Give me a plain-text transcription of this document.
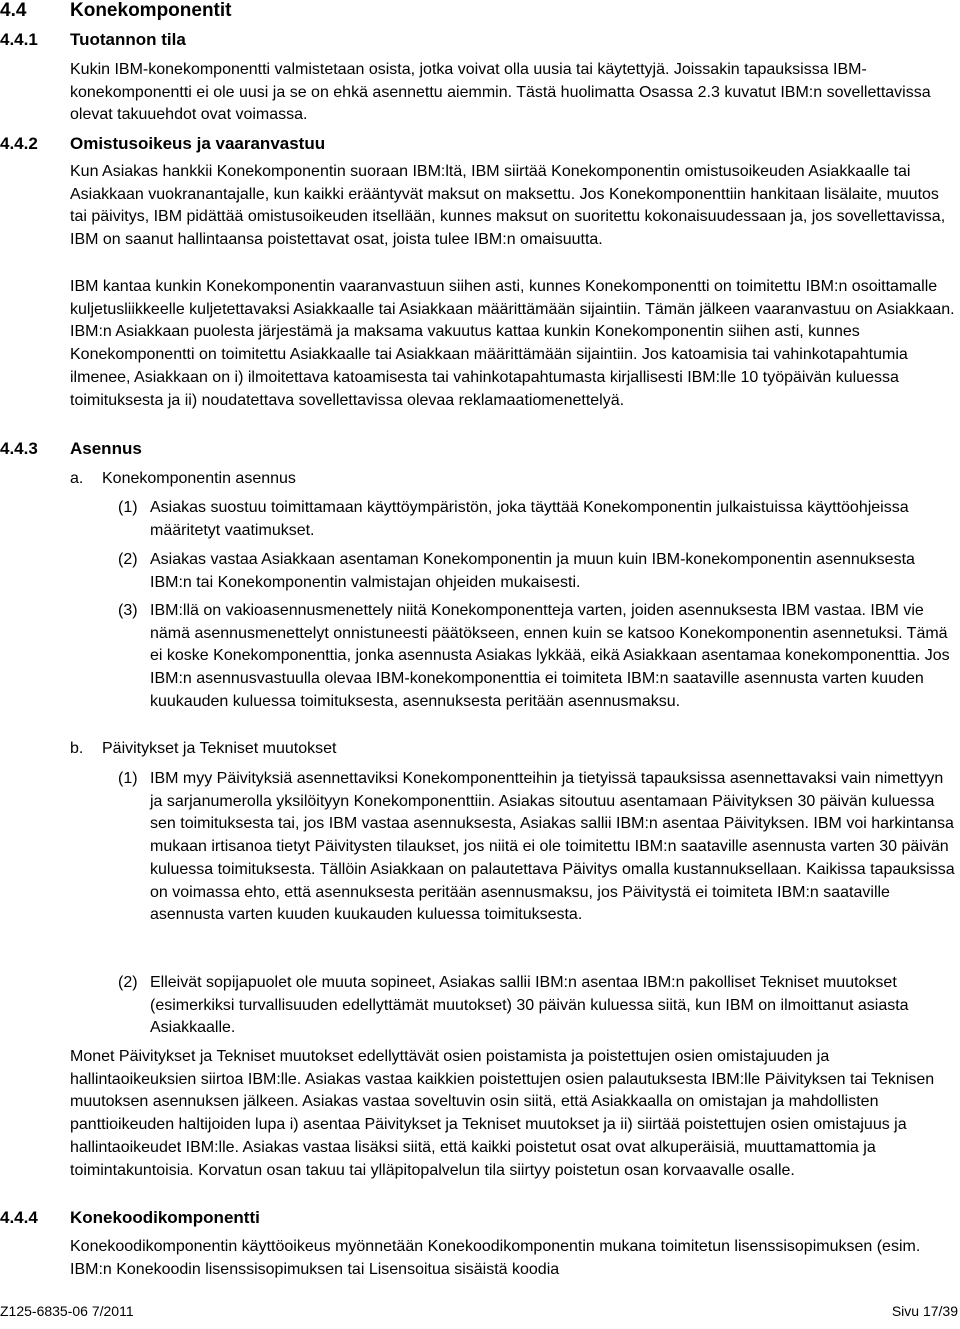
4.4 Konekomponentit
4.4.1 Tuotannon tila

Kukin IBM-konekomponentti valmistetaan osista, jotka voivat olla uusia tai käytettyjä. Joissakin tapauksissa IBM-konekomponentti ei ole uusi ja se on ehkä asennettu aiemmin. Tästä huolimatta Osassa 2.3 kuvatut IBM:n sovellettavissa olevat takuuehdot ovat voimassa.

4.4.2 Omistusoikeus ja vaaranvastuu

Kun Asiakas hankkii Konekomponentin suoraan IBM:ltä, IBM siirtää Konekomponentin omistusoikeuden Asiakkaalle tai Asiakkaan vuokranantajalle, kun kaikki erääntyvät maksut on maksettu. Jos Konekomponenttiin hankitaan lisälaite, muutos tai päivitys, IBM pidättää omistusoikeuden itsellään, kunnes maksut on suoritettu kokonaisuudessaan ja, jos sovellettavissa, IBM on saanut hallintaansa poistettavat osat, joista tulee IBM:n omaisuutta.

IBM kantaa kunkin Konekomponentin vaaranvastuun siihen asti, kunnes Konekomponentti on toimitettu IBM:n osoittamalle kuljetusliikkeelle kuljetettavaksi Asiakkaalle tai Asiakkaan määrittämään sijaintiin. Tämän jälkeen vaaranvastuu on Asiakkaan. IBM:n Asiakkaan puolesta järjestämä ja maksama vakuutus kattaa kunkin Konekomponentin siihen asti, kunnes Konekomponentti on toimitettu Asiakkaalle tai Asiakkaan määrittämään sijaintiin. Jos katoamisia tai vahinkotapahtumia ilmenee, Asiakkaan on i) ilmoitettava katoamisesta tai vahinkotapahtumasta kirjallisesti IBM:lle 10 työpäivän kuluessa toimituksesta ja ii) noudatettava sovellettavissa olevaa reklamaatiomenettelyä.

4.4.3 Asennus
a. Konekomponentin asennus
(1) Asiakas suostuu toimittamaan käyttöympäristön, joka täyttää Konekomponentin julkaistuissa käyttöohjeissa määritetyt vaatimukset.

(2) Asiakas vastaa Asiakkaan asentaman Konekomponentin ja muun kuin IBM-konekomponentin asennuksesta IBM:n tai Konekomponentin valmistajan ohjeiden mukaisesti.

(3) IBM:llä on vakioasennusmenettely niitä Konekomponentteja varten, joiden asennuksesta IBM vastaa. IBM vie nämä asennusmenettelyt onnistuneesti päätökseen, ennen kuin se katsoo Konekomponentin asennetuksi. Tämä ei koske Konekomponenttia, jonka asennusta Asiakas lykkää, eikä Asiakkaan asentamaa konekomponenttia. Jos IBM:n asennusvastuulla olevaa IBM-konekomponenttia ei toimiteta IBM:n saataville asennusta varten kuuden kuukauden kuluessa toimituksesta, asennuksesta peritään asennusmaksu.

b. Päivitykset ja Tekniset muutokset
(1) IBM myy Päivityksiä asennettaviksi Konekomponentteihin ja tietyissä tapauksissa asennettavaksi vain nimettyyn ja sarjanumerolla yksilöityyn Konekomponenttiin. Asiakas sitoutuu asentamaan Päivityksen 30 päivän kuluessa sen toimituksesta tai, jos IBM vastaa asennuksesta, Asiakas sallii IBM:n asentaa Päivityksen. IBM voi harkintansa mukaan irtisanoa tietyt Päivitysten tilaukset, jos niitä ei ole toimitettu IBM:n saataville asennusta varten 30 päivän kuluessa toimituksesta. Tällöin Asiakkaan on palautettava Päivitys omalla kustannuksellaan. Kaikissa tapauksissa on voimassa ehto, että asennuksesta peritään asennusmaksu, jos Päivitystä ei toimiteta IBM:n saataville asennusta varten kuuden kuukauden kuluessa toimituksesta.

(2) Elleivät sopijapuolet ole muuta sopineet, Asiakas sallii IBM:n asentaa IBM:n pakolliset Tekniset muutokset (esimerkiksi turvallisuuden edellyttämät muutokset) 30 päivän kuluessa siitä, kun IBM on ilmoittanut asiasta Asiakkaalle.

Monet Päivitykset ja Tekniset muutokset edellyttävät osien poistamista ja poistettujen osien omistajuuden ja hallintaoikeuksien siirtoa IBM:lle. Asiakas vastaa kaikkien poistettujen osien palautuksesta IBM:lle Päivityksen tai Teknisen muutoksen asennuksen jälkeen. Asiakas vastaa soveltuvin osin siitä, että Asiakkaalla on omistajan ja mahdollisten panttioikeuden haltijoiden lupa i) asentaa Päivitykset ja Tekniset muutokset ja ii) siirtää poistettujen osien omistajuus ja hallintaoikeudet IBM:lle. Asiakas vastaa lisäksi siitä, että kaikki poistetut osat ovat alkuperäisiä, muuttamattomia ja toimintakuntoisia. Korvatun osan takuu tai ylläpitopalvelun tila siirtyy poistetun osan korvaavalle osalle.

4.4.4 Konekoodikomponentti

Konekoodikomponentin käyttöoikeus myönnetään Konekoodikomponentin mukana toimitetun lisenssisopimuksen (esim. IBM:n Konekoodin lisenssisopimuksen tai Lisensoitua sisäistä koodia

Z125-6835-06 7/2011	Sivu 17/39
